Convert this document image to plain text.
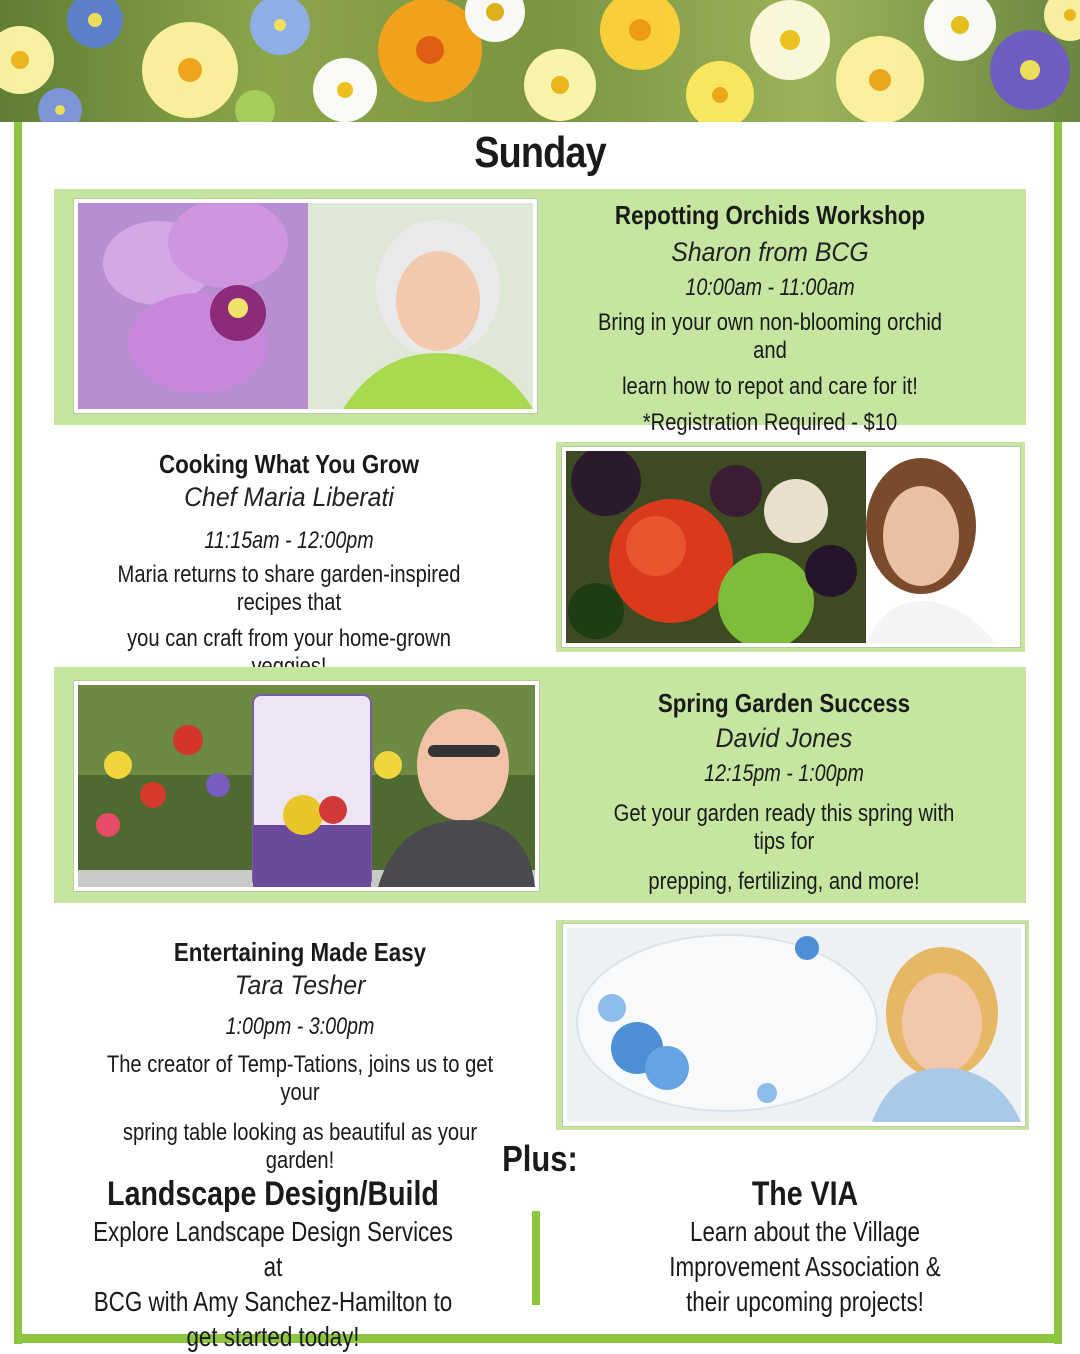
Sunday

Repotting Orchids Workshop

Sharon from BCG

10:00am - 11:00am

Bring in your own non-blooming orchid and

learn how to repot and care for it!

*Registration Required - $10

Cooking What You Grow

Chef Maria Liberati

11:15am - 12:00pm

Maria returns to share garden-inspired recipes that

you can craft from your home-grown

Spring Garden Success

David Jones

12:15pm - 1:00pm

Get your garden ready this spring with tips for

prepping, fertilizing, and more!

Entertaining Made Easy

Tara Tesher

1:00pm - 3:00pm

The creator of Temp-Tations, joins us to get your

spring table looking as beautiful as your garden!	Plus:

Landscape Design/Build

Explore Landscape Design Services at

BCG with Amy Sanchez-Hamilton to

get started today!

The VIA

Learn about the Village

Improvement Association &

their upcoming projects!
